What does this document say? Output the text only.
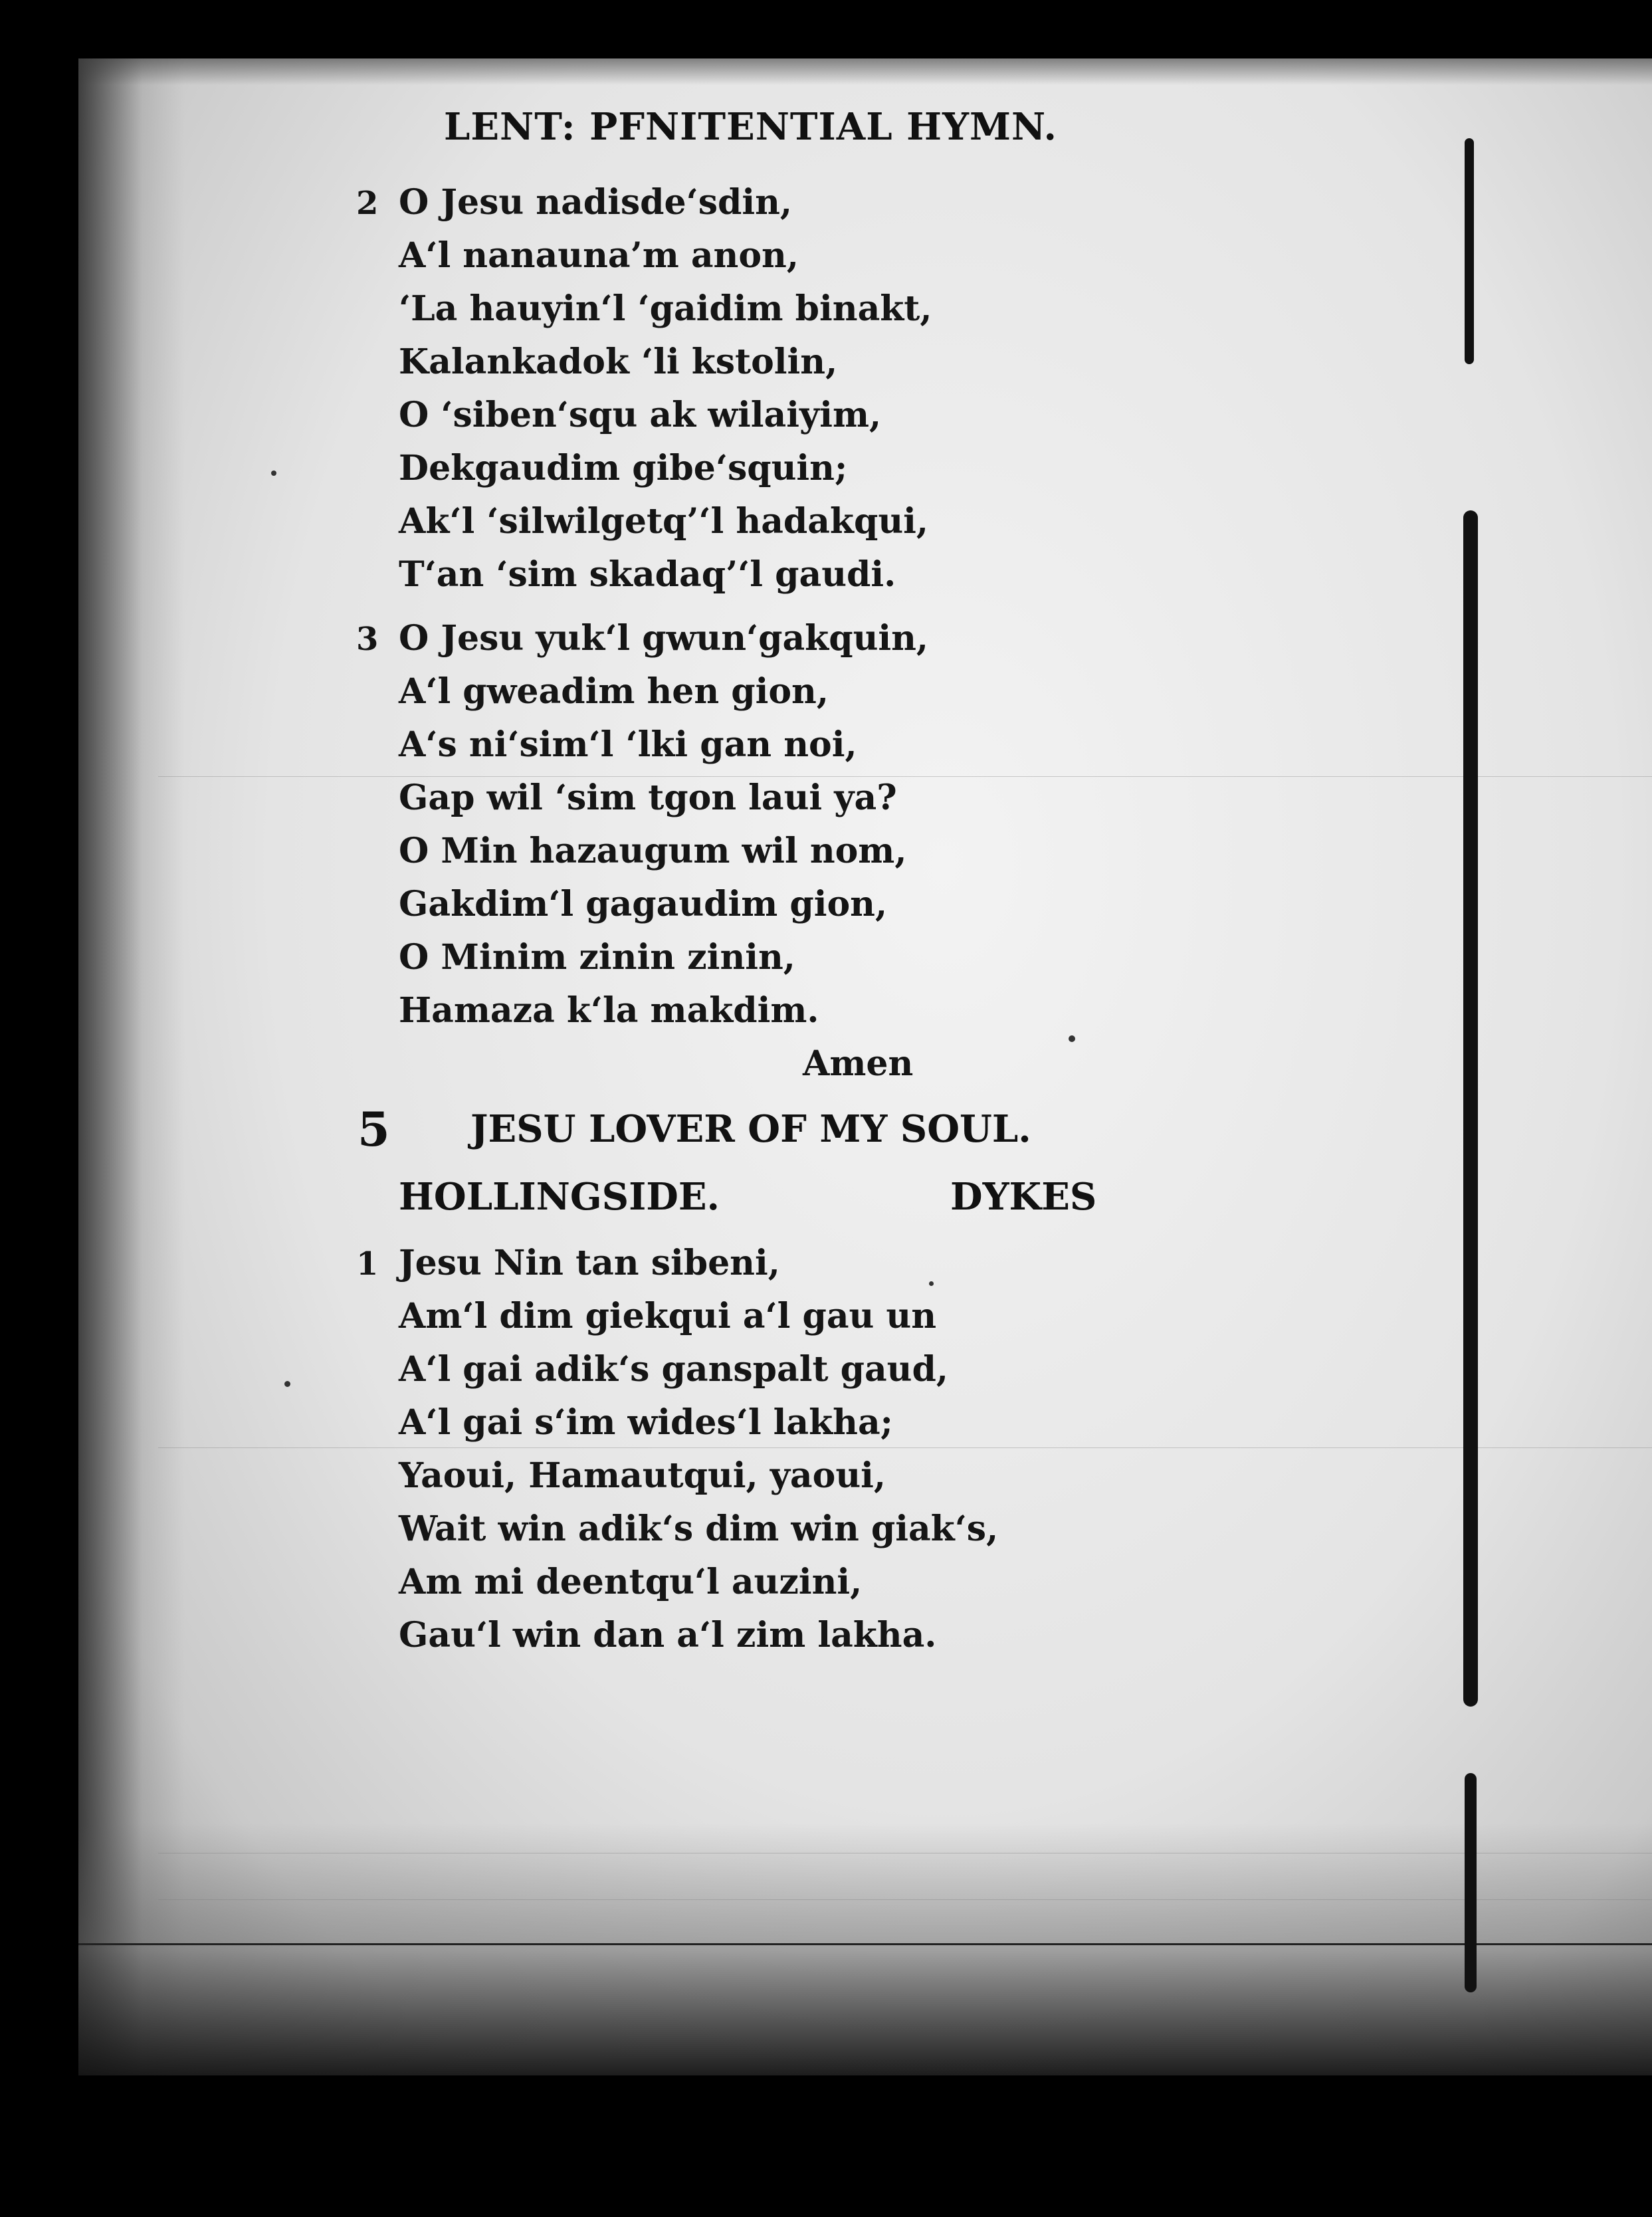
LENT: PFNITENTIAL HYMN.
2 O Jesu nadisde‘sdin,
A‘l nanauna’m anon,
‘La hauyin‘l ‘gaidim binakt,
Kalankadok ‘li kstolin,
O ‘siben‘squ ak wilaiyim,
Dekgaudim gibe‘squin;
Ak‘l ‘silwilgetq’‘l hadakqui,
T‘an ‘sim skadaq’‘l gaudi.
3 O Jesu yuk‘l gwun‘gakquin,
A‘l gweadim hen gion,
A‘s ni‘sim‘l ‘lki gan noi,
Gap wil ‘sim tgon laui ya?
O Min hazaugum wil nom,
Gakdim‘l gagaudim gion,
O Minim zinin zinin,
Hamaza k‘la makdim.
Amen
5 JESU LOVER OF MY SOUL.
HOLLINGSIDE.	DYKES
1 Jesu Nin tan sibeni,
Am‘l dim giekqui a‘l gau un
A‘l gai adik‘s ganspalt gaud,
A‘l gai s‘im wides‘l lakha;
Yaoui, Hamautqui, yaoui,
Wait win adik‘s dim win giak‘s,
Am mi deentqu‘l auzini,
Gau‘l win dan a‘l zim lakha.
